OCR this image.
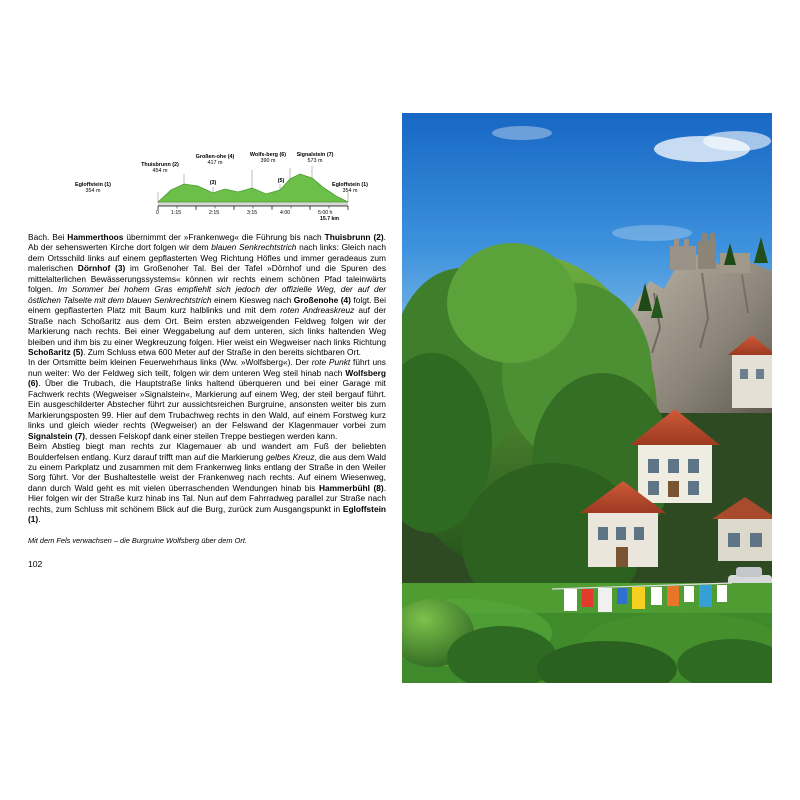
Egloffstein (1)
354 m
Thuisbrunn (2)
454 m
(3)
Großen-ohe (4)
417 m
(5)
Wolfs-berg (6)
390 m
Signalstein (7)
573 m
Egloffstein (1)
354 m
0 1:15	2:15	3:15	4:00	5:00 h
15.7 km

Bach. Bei Hammerthoos übernimmt der »Frankenweg« die Führung bis nach Thuisbrunn (2). Ab der sehenswerten Kirche dort folgen wir dem blauen Senkrechtstrich nach links: Gleich nach dem Ortsschild links auf einem gepflasterten Weg Richtung Höfles und immer geradeaus zum malerischen Dörnhof (3) im Großenoher Tal. Bei der Tafel »Dörnhof und die Spuren des mittelalterlichen Bewässerungssystems« können wir rechts einem schönen Pfad taleinwärts folgen. Im Sommer bei hohem Gras empfiehlt sich jedoch der offizielle Weg, der auf der östlichen Talseite mit dem blauen Senkrechtstrich einem Kiesweg nach Großenohe (4) folgt. Bei einem gepflasterten Platz mit Baum kurz halblinks und mit dem roten Andreaskreuz auf der Straße nach Schoßaritz aus dem Ort. Beim ersten abzweigenden Feldweg folgen wir der Markierung nach rechts. Bei einer Weggabelung auf dem unteren, sich links haltenden Weg bleiben und ihm bis zu einer Wegkreuzung folgen. Hier weist ein Wegweiser nach links Richtung Schoßaritz (5). Zum Schluss etwa 600 Meter auf der Straße in den bereits sichtbaren Ort.

In der Ortsmitte beim kleinen Feuerwehrhaus links (Ww. »Wolfsberg«). Der rote Punkt führt uns nun weiter: Wo der Feldweg sich teilt, folgen wir dem unteren Weg steil hinab nach Wolfsberg (6). Über die Trubach, die Hauptstraße links haltend überqueren und bei einer Garage mit Fachwerk rechts (Wegweiser »Signalstein«, Markierung auf einem Weg, der steil bergauf führt. Ein ausgeschilderter Abstecher führt zur aussichtsreichen Burgruine, ansonsten weiter bis zum Markierungsposten 99. Hier auf dem Trubachweg rechts in den Wald, auf einem Forstweg kurz links und gleich wieder rechts (Wegweiser) an der Felswand der Klagenmauer vorbei zum Signalstein (7), dessen Felskopf dank einer steilen Treppe bestiegen werden kann.

Beim Abstieg biegt man rechts zur Klagemauer ab und wandert am Fuß der beliebten Boulderfelsen entlang. Kurz darauf trifft man auf die Markierung gelbes Kreuz, die aus dem Wald zu einem Parkplatz und zusammen mit dem Frankenweg links entlang der Straße in den Weiler Sorg führt. Vor der Bushaltestelle weist der Frankenweg nach rechts. Auf einem Wiesenweg, dann durch Wald geht es mit vielen überraschenden Wendungen hinab bis Hammerbühl (8). Hier folgen wir der Straße kurz hinab ins Tal. Nun auf dem Fahrradweg parallel zur Straße nach rechts, zum Schluss mit schönem Blick auf die Burg, zurück zum Ausgangspunkt in Egloffstein (1).

Mit dem Fels verwachsen – die Burgruine Wolfsberg über dem Ort.
102
